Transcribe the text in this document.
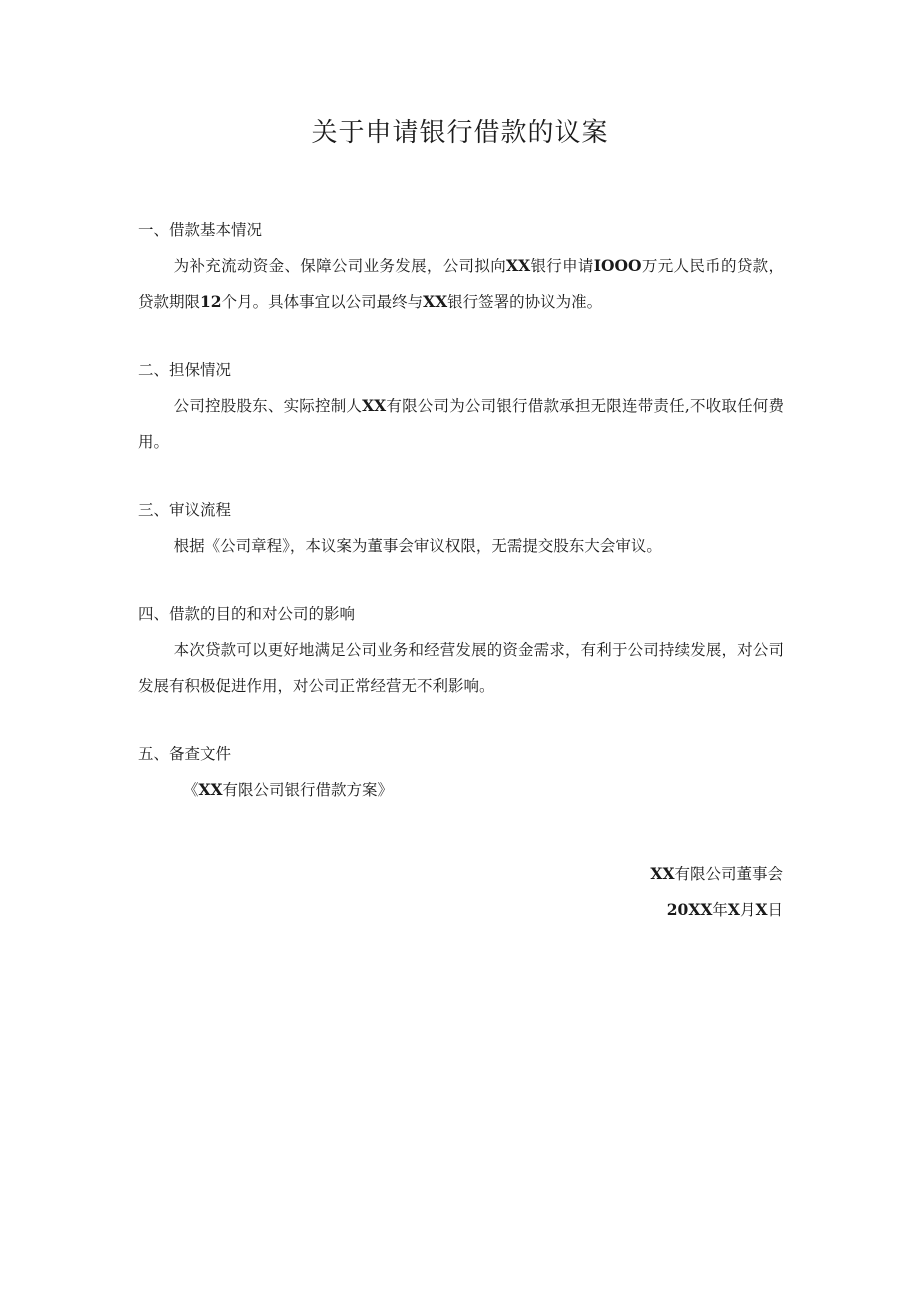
关于申请银行借款的议案

一、借款基本情况

为补充流动资金、保障公司业务发展，公司拟向XX银行申请IOOO万元人民币的贷款，贷款期限12个月。具体事宜以公司最终与XX银行签署的协议为准。

二、担保情况

公司控股股东、实际控制人XX有限公司为公司银行借款承担无限连带责任,不收取任何费用。

三、审议流程

根据《公司章程》，本议案为董事会审议权限，无需提交股东大会审议。

四、借款的目的和对公司的影响

本次贷款可以更好地满足公司业务和经营发展的资金需求，有利于公司持续发展，对公司发展有积极促进作用，对公司正常经营无不利影响。

五、备查文件

《XX有限公司银行借款方案》

XX有限公司董事会

20XX年X月X日
